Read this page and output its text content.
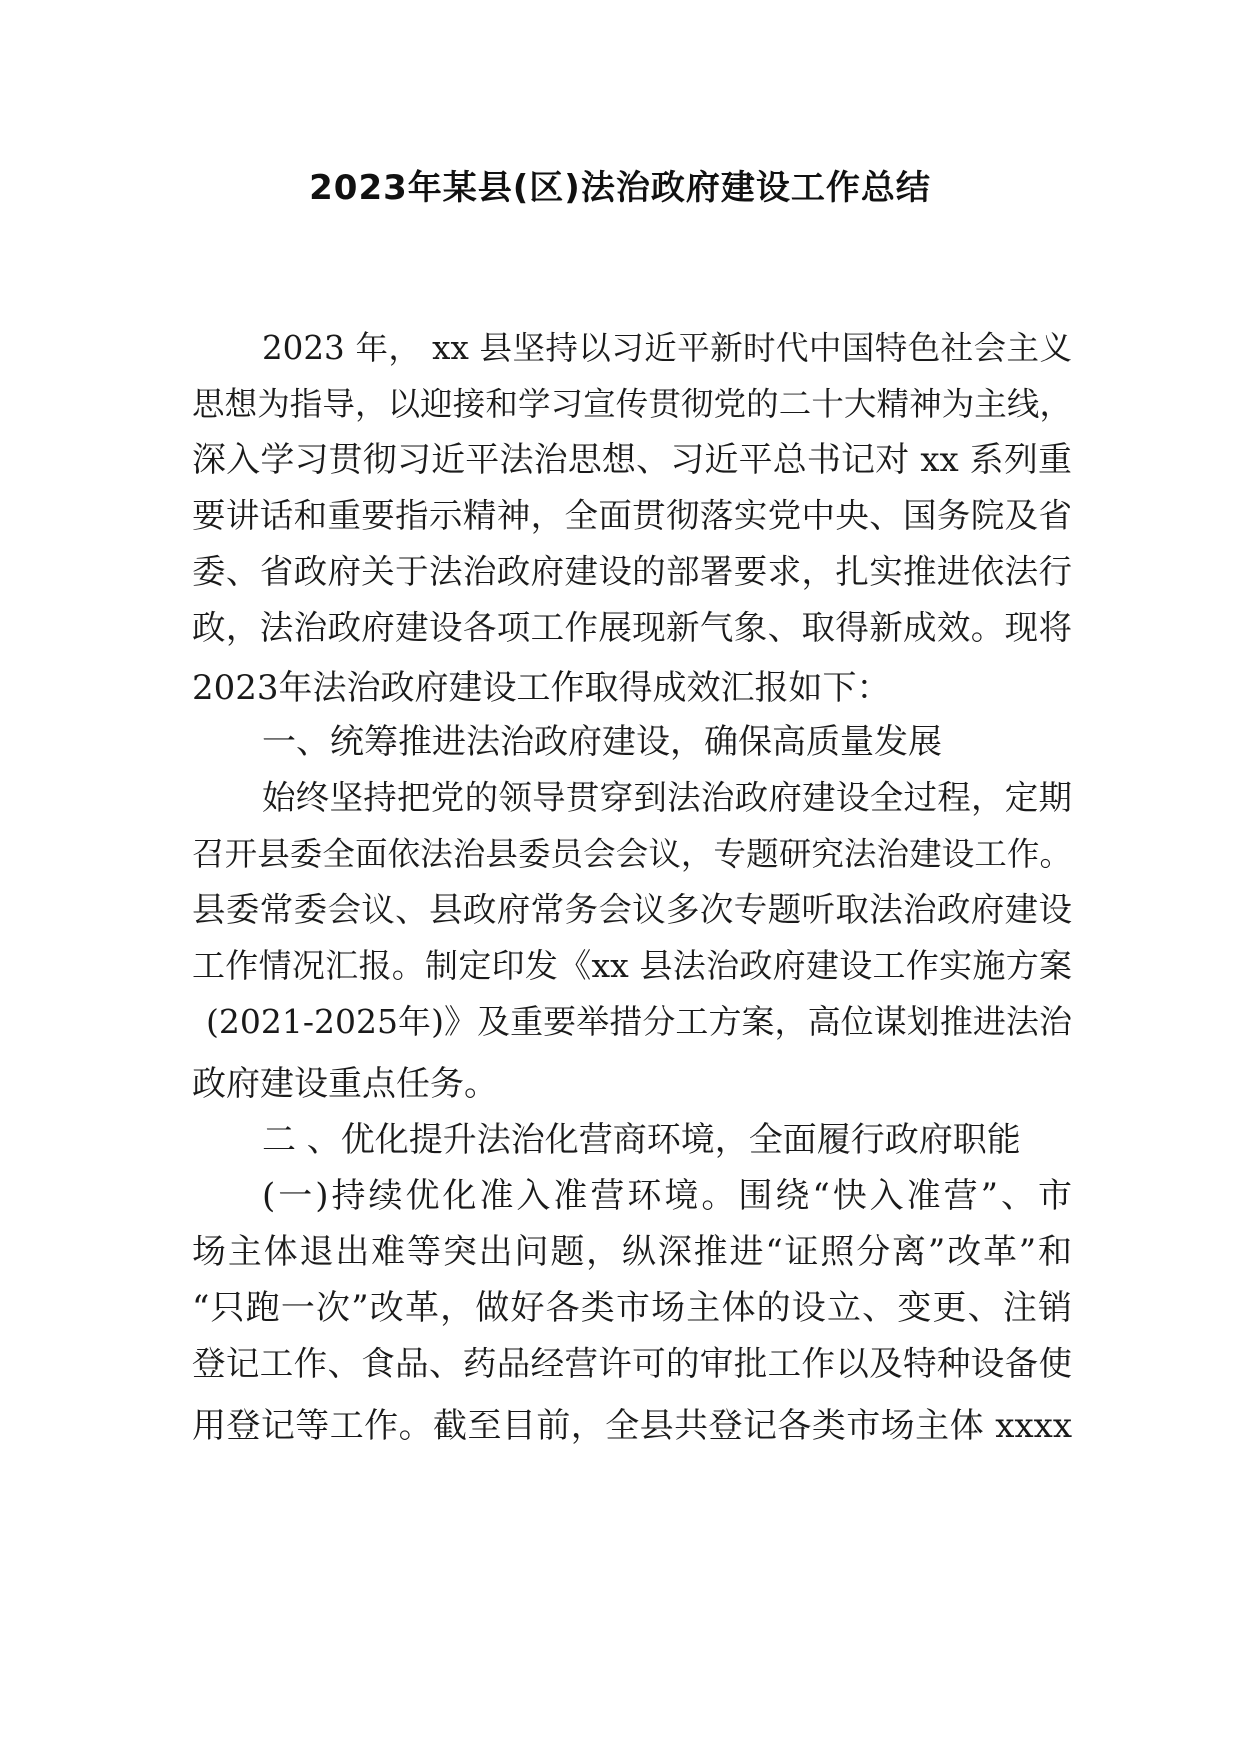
2023年某县(区)法治政府建设工作总结
2023 年， xx 县坚持以习近平新时代中国特色社会主义
思想为指导，以迎接和学习宣传贯彻党的二十大精神为主线，
深入学习贯彻习近平法治思想、习近平总书记对 xx 系列重
要讲话和重要指示精神，全面贯彻落实党中央、国务院及省
委、省政府关于法治政府建设的部署要求，扎实推进依法行
政，法治政府建设各项工作展现新气象、取得新成效。现将
2023年法治政府建设工作取得成效汇报如下：
一、统筹推进法治政府建设，确保高质量发展
始终坚持把党的领导贯穿到法治政府建设全过程，定期
召开县委全面依法治县委员会会议，专题研究法治建设工作。
县委常委会议、县政府常务会议多次专题听取法治政府建设
工作情况汇报。制定印发《xx 县法治政府建设工作实施方案
(2021-2025年)》及重要举措分工方案，高位谋划推进法治
政府建设重点任务。
二 、优化提升法治化营商环境，全面履行政府职能
(一)持续优化准入准营环境。围绕“快入准营”、市
场主体退出难等突出问题，纵深推进“证照分离”改革”和
“只跑一次”改革，做好各类市场主体的设立、变更、注销
登记工作、食品、药品经营许可的审批工作以及特种设备使
用登记等工作。截至目前，全县共登记各类市场主体 xxxx
